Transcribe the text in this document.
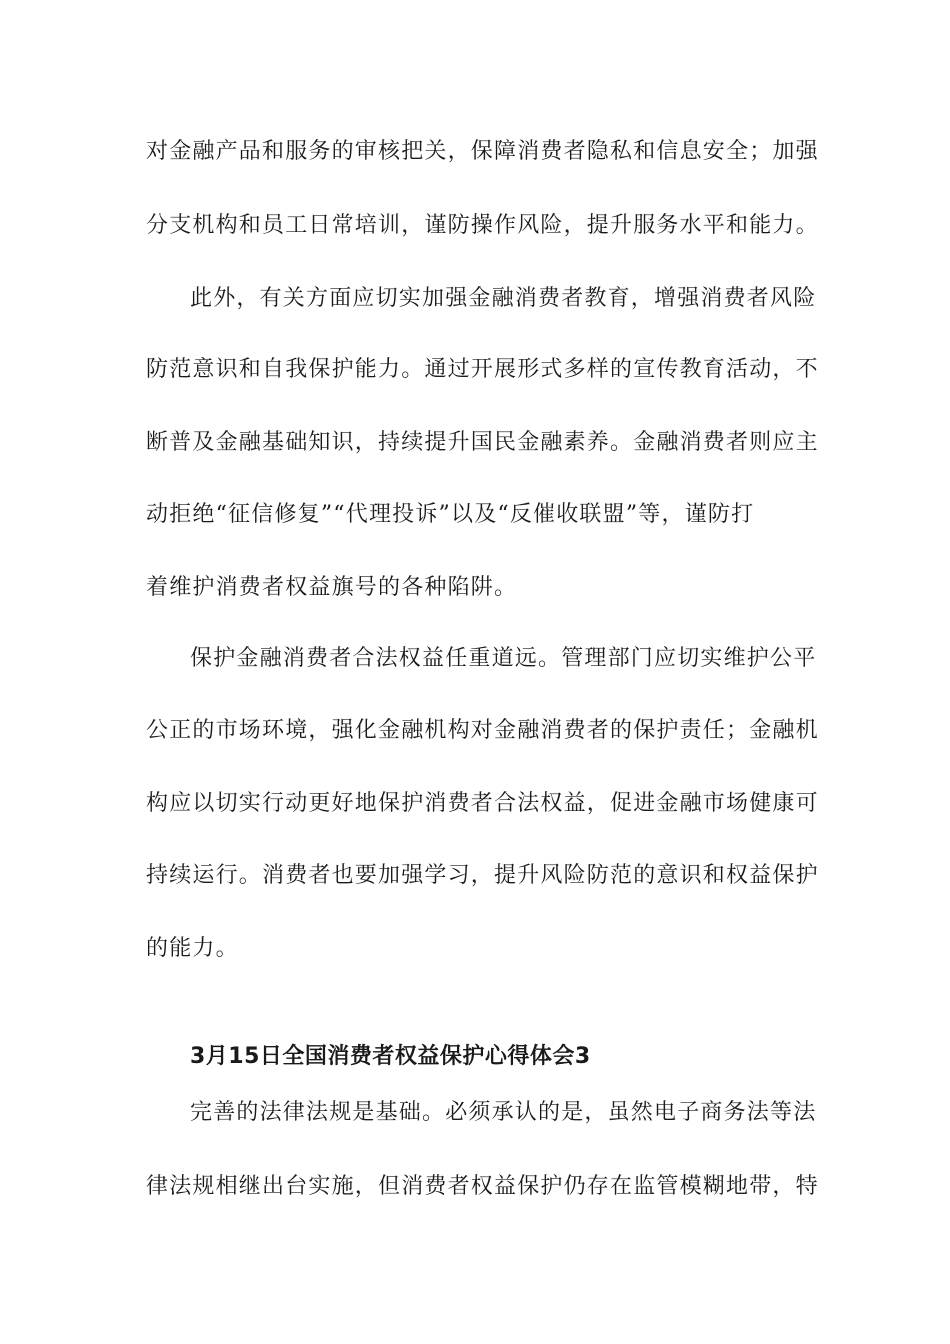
对金融产品和服务的审核把关，保障消费者隐私和信息安全；加强
分支机构和员工日常培训，谨防操作风险，提升服务水平和能力。
此外，有关方面应切实加强金融消费者教育，增强消费者风险
防范意识和自我保护能力。通过开展形式多样的宣传教育活动，不
断普及金融基础知识，持续提升国民金融素养。金融消费者则应主
动拒绝“征信修复”“代理投诉”以及“反催收联盟”等，谨防打
着维护消费者权益旗号的各种陷阱。
保护金融消费者合法权益任重道远。管理部门应切实维护公平
公正的市场环境，强化金融机构对金融消费者的保护责任；金融机
构应以切实行动更好地保护消费者合法权益，促进金融市场健康可
持续运行。消费者也要加强学习，提升风险防范的意识和权益保护
的能力。
3月15日全国消费者权益保护心得体会3
完善的法律法规是基础。必须承认的是，虽然电子商务法等法
律法规相继出台实施，但消费者权益保护仍存在监管模糊地带，特
